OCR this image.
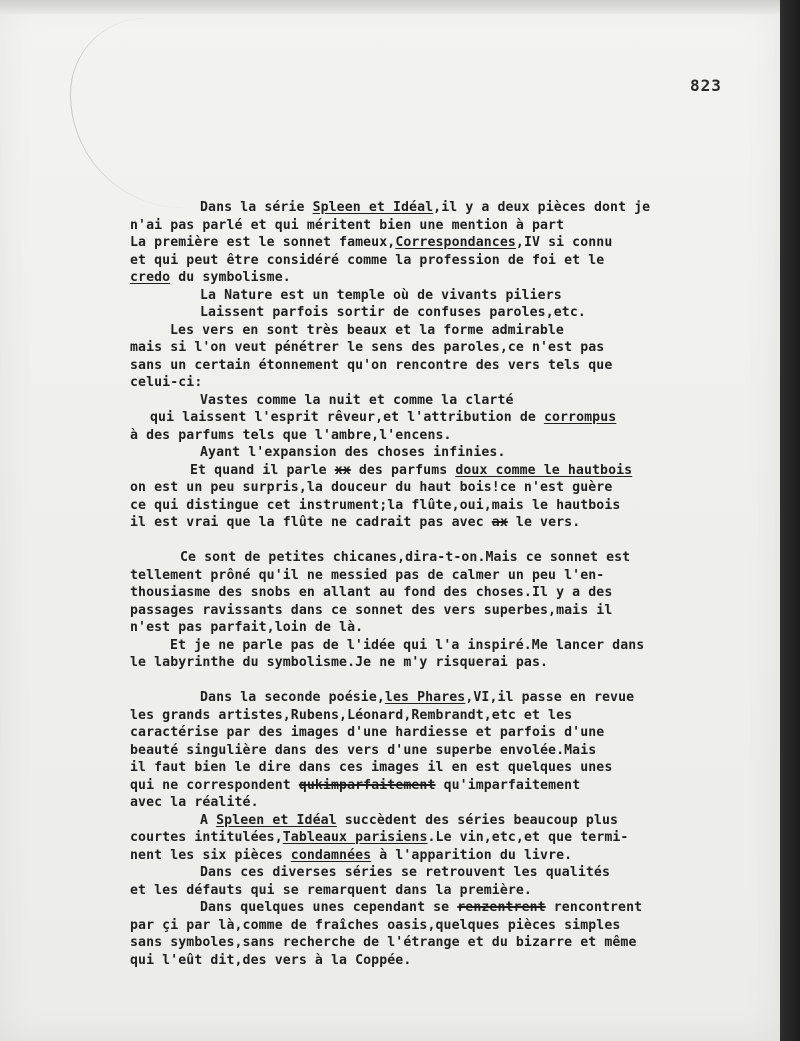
823
Dans la série Spleen et Idéal,il y a deux pièces dont je
n'ai pas parlé et qui méritent bien une mention à part
La première est le sonnet fameux,Correspondances,IV si connu
et qui peut être considéré comme la profession de foi et le
credo du symbolisme.
La Nature est un temple où de vivants piliers
Laissent parfois sortir de confuses paroles,etc.
Les vers en sont très beaux et la forme admirable
mais si l'on veut pénétrer le sens des paroles,ce n'est pas
sans un certain étonnement qu'on rencontre des vers tels que
celui-ci:
Vastes comme la nuit et comme la clarté
qui laissent l'esprit rêveur,et l'attribution de corrompus
à des parfums tels que l'ambre,l'encens.
Ayant l'expansion des choses infinies.
Et quand il parle xx des parfums doux comme le hautbois
on est un peu surpris,la douceur du haut bois!ce n'est guère
ce qui distingue cet instrument;la flûte,oui,mais le hautbois
il est vrai que la flûte ne cadrait pas avec ax le vers.
Ce sont de petites chicanes,dira-t-on.Mais ce sonnet est
tellement prôné qu'il ne messied pas de calmer un peu l'en-
thousiasme des snobs en allant au fond des choses.Il y a des
passages ravissants dans ce sonnet des vers superbes,mais il
n'est pas parfait,loin de là.
Et je ne parle pas de l'idée qui l'a inspiré.Me lancer dans
le labyrinthe du symbolisme.Je ne m'y risquerai pas.
Dans la seconde poésie,les Phares,VI,il passe en revue
les grands artistes,Rubens,Léonard,Rembrandt,etc et les
caractérise par des images d'une hardiesse et parfois d'une
beauté singulière dans des vers d'une superbe envolée.Mais
il faut bien le dire dans ces images il en est quelques unes
qui ne correspondent qukimparfaitement qu'imparfaitement
avec la réalité.
A Spleen et Idéal succèdent des séries beaucoup plus
courtes intitulées,Tableaux parisiens.Le vin,etc,et que termi-
nent les six pièces condamnées à l'apparition du livre.
Dans ces diverses séries se retrouvent les qualités
et les défauts qui se remarquent dans la première.
Dans quelques unes cependant se renzentrent rencontrent
par çi par là,comme de fraîches oasis,quelques pièces simples
sans symboles,sans recherche de l'étrange et du bizarre et même
qui l'eût dit,des vers à la Coppée.
